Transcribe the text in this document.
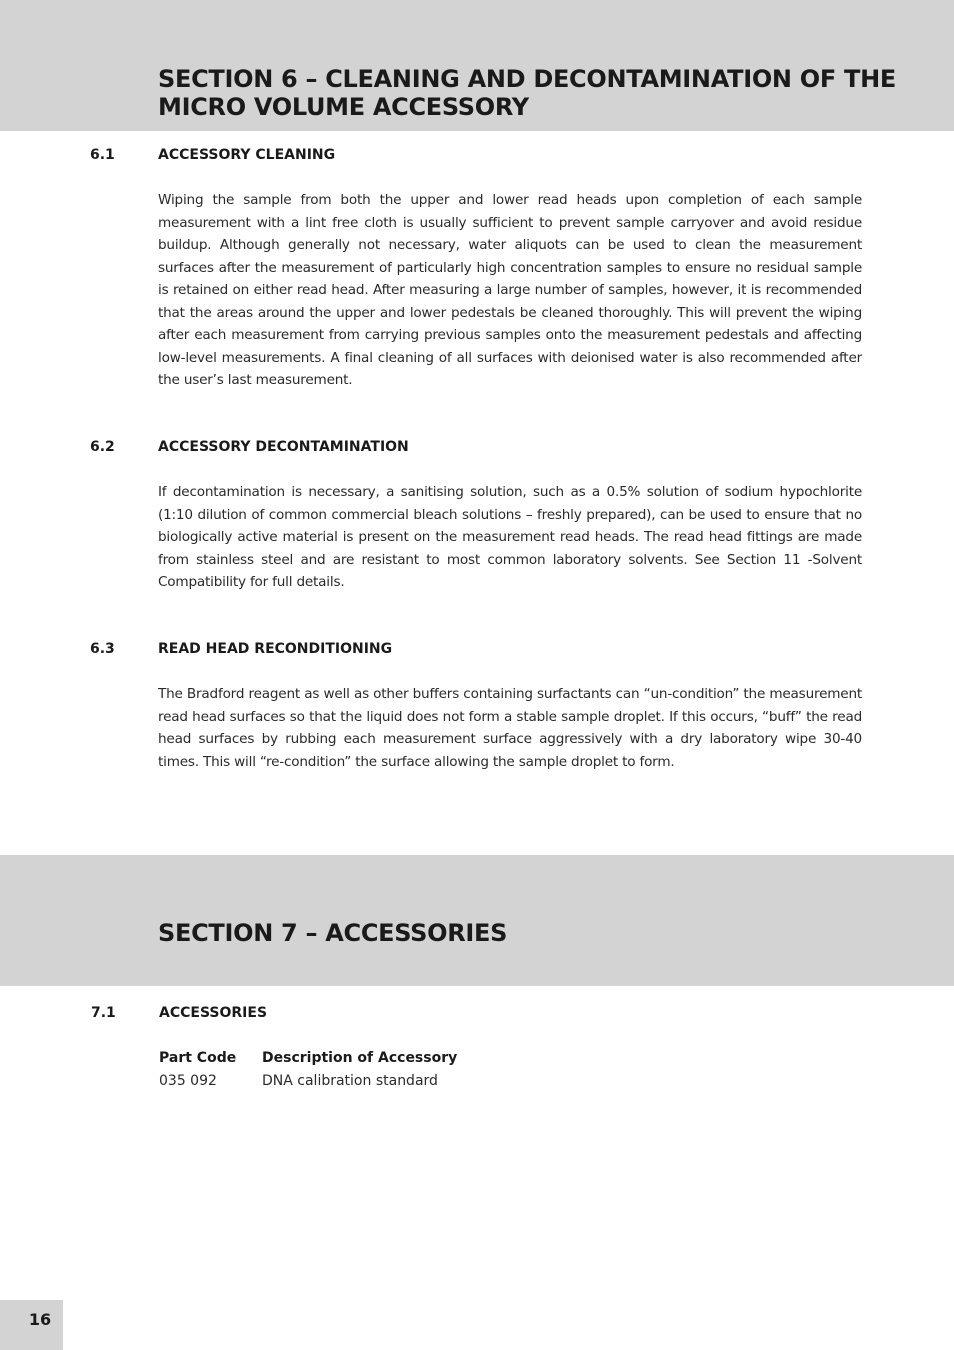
SECTION 6 – CLEANING AND DECONTAMINATION OF THE MICRO VOLUME ACCESSORY

6.1	ACCESSORY CLEANING

Wiping the sample from both the upper and lower read heads upon completion of each sample measurement with a lint free cloth is usually sufficient to prevent sample carryover and avoid residue buildup. Although generally not necessary, water aliquots can be used to clean the measurement surfaces after the measurement of particularly high concentration samples to ensure no residual sample is retained on either read head. After measuring a large number of samples, however, it is recommended that the areas around the upper and lower pedestals be cleaned thoroughly. This will prevent the wiping after each measurement from carrying previous samples onto the measurement pedestals and affecting low-level measurements. A final cleaning of all surfaces with deionised water is also recommended after the user’s last measurement.

6.2	ACCESSORY DECONTAMINATION

If decontamination is necessary, a sanitising solution, such as a 0.5% solution of sodium hypochlorite (1:10 dilution of common commercial bleach solutions – freshly prepared), can be used to ensure that no biologically active material is present on the measurement read heads. The read head fittings are made from stainless steel and are resistant to most common laboratory solvents. See Section 11 -Solvent Compatibility for full details.

6.3	READ HEAD RECONDITIONING

The Bradford reagent as well as other buffers containing surfactants can “un-condition” the measurement read head surfaces so that the liquid does not form a stable sample droplet. If this occurs, “buff” the read head surfaces by rubbing each measurement surface aggressively with a dry laboratory wipe 30-40 times. This will “re-condition” the surface allowing the sample droplet to form.

SECTION 7 – ACCESSORIES

7.1	ACCESSORIES

Part Code	Description of Accessory
035 092	DNA calibration standard

16
